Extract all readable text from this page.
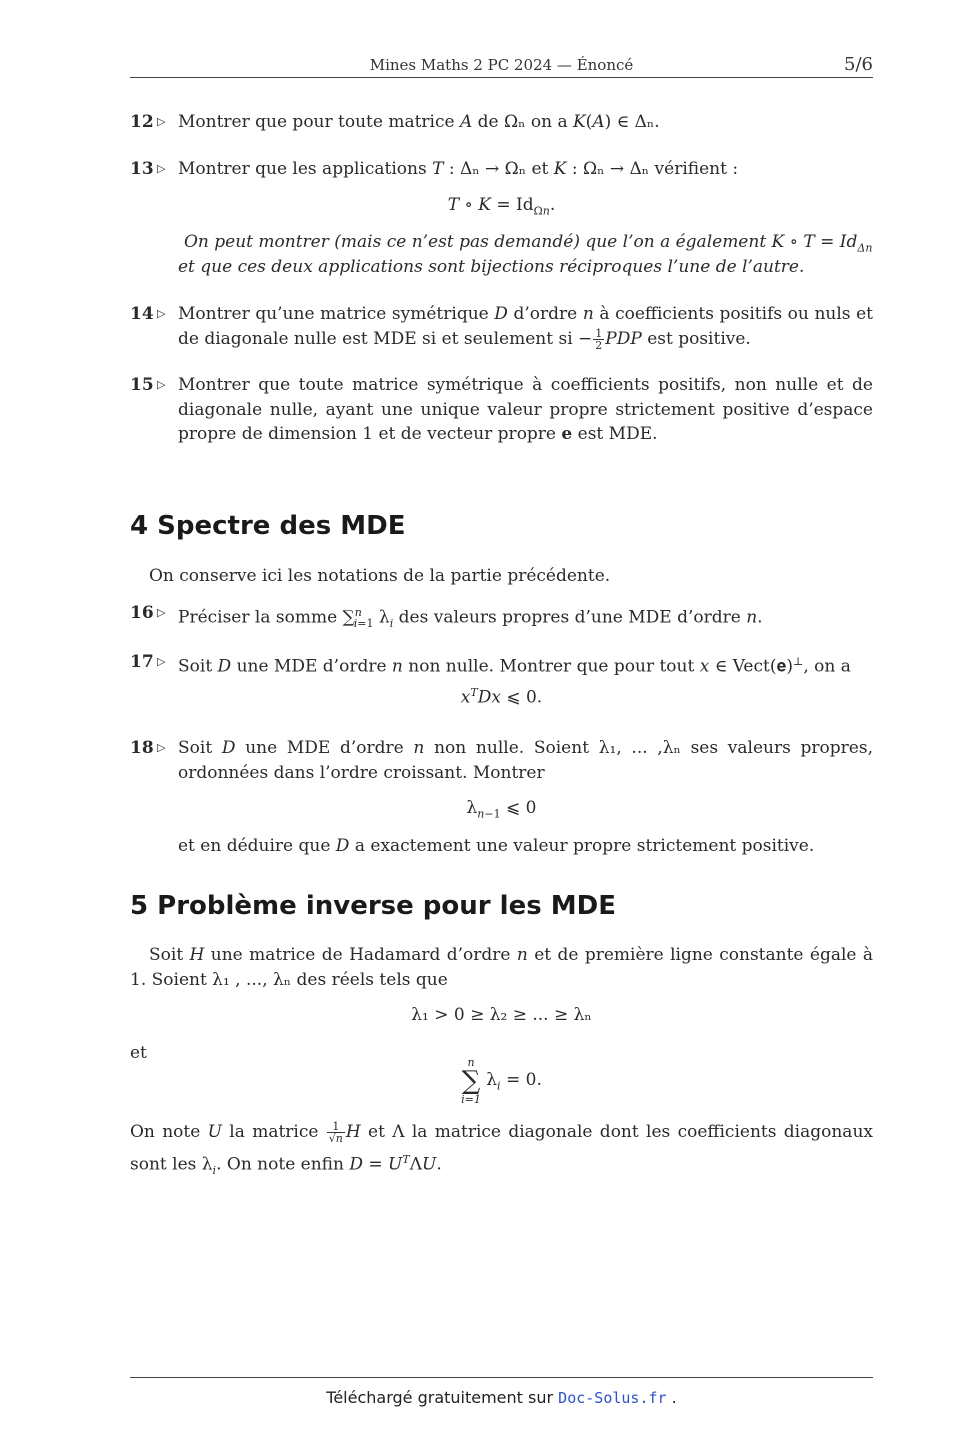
Mines Maths 2 PC 2024 — Énoncé	5/6
12 ▷ Montrer que pour toute matrice 𝐴 de Ωₙ on a 𝐾(𝐴) ∈ Δₙ.
13 ▷ Montrer que les applications 𝑇 : Δₙ → Ωₙ et 𝐾 : Ωₙ → Δₙ vérifient :
𝑇 ∘ 𝐾 = $Id_{\Omega 𝑛}$.
On peut montrer (mais ce n’est pas demandé) que l’on a également 𝐾 ∘ 𝑇 = $Id_{\Delta 𝑛}$
et que ces deux applications sont bijections réciproques l’une de l’autre.
14 ▷ Montrer qu’une matrice symétrique 𝐷 d’ordre 𝑛 à coefficients positifs ou nuls et de diagonale nulle est MDE si et seulement si − $\frac{1}{2}$ 𝑃𝐷𝑃 est positive.
15 ▷ Montrer que toute matrice symétrique à coefficients positifs, non nulle et de diagonale nulle, ayant une unique valeur propre strictement positive d’espace propre de dimension 1 et de vecteur propre e est MDE.
4 Spectre des MDE
On conserve ici les notations de la partie précédente.
16 ▷ Préciser la somme ∑$^𝑛_{𝑖=1}$ $\lambda_𝑖$ des valeurs propres d’une MDE d’ordre 𝑛.
17 ▷ Soit 𝐷 une MDE d’ordre 𝑛 non nulle. Montrer que pour tout 𝑥 ∈ Vect(𝐞)⊥, on a
𝑥$^𝑇$𝐷𝑥 ⩽ 0.
18 ▷ Soit 𝐷 une MDE d’ordre 𝑛 non nulle. Soient λ₁, ... ,λₙ ses valeurs propres, ordonnées dans l’ordre croissant. Montrer
$\lambda_{𝑛-1}$ ⩽ 0
et en déduire que 𝐷 a exactement une valeur propre strictement positive.
5 Problème inverse pour les MDE
Soit 𝐻 une matrice de Hadamard d’ordre 𝑛 et de première ligne constante égale à 1. Soient λ₁ , ..., λₙ des réels tels que
λ₁ > 0 ≥ λ₂ ≥ ... ≥ λₙ
et	𝑛
∑
𝑖=1
$\lambda_𝑖 = 0$.
On note 𝑈 la matrice $\frac{1}{\text{√𝑛}}$ 𝐻 et Λ la matrice diagonale dont les coefficients diagonaux sont les $\lambda_𝑖$. On note enfin 𝐷 = 𝑈$^𝑇$Λ𝑈.
Téléchargé gratuitement sur Doc-Solus.fr .
